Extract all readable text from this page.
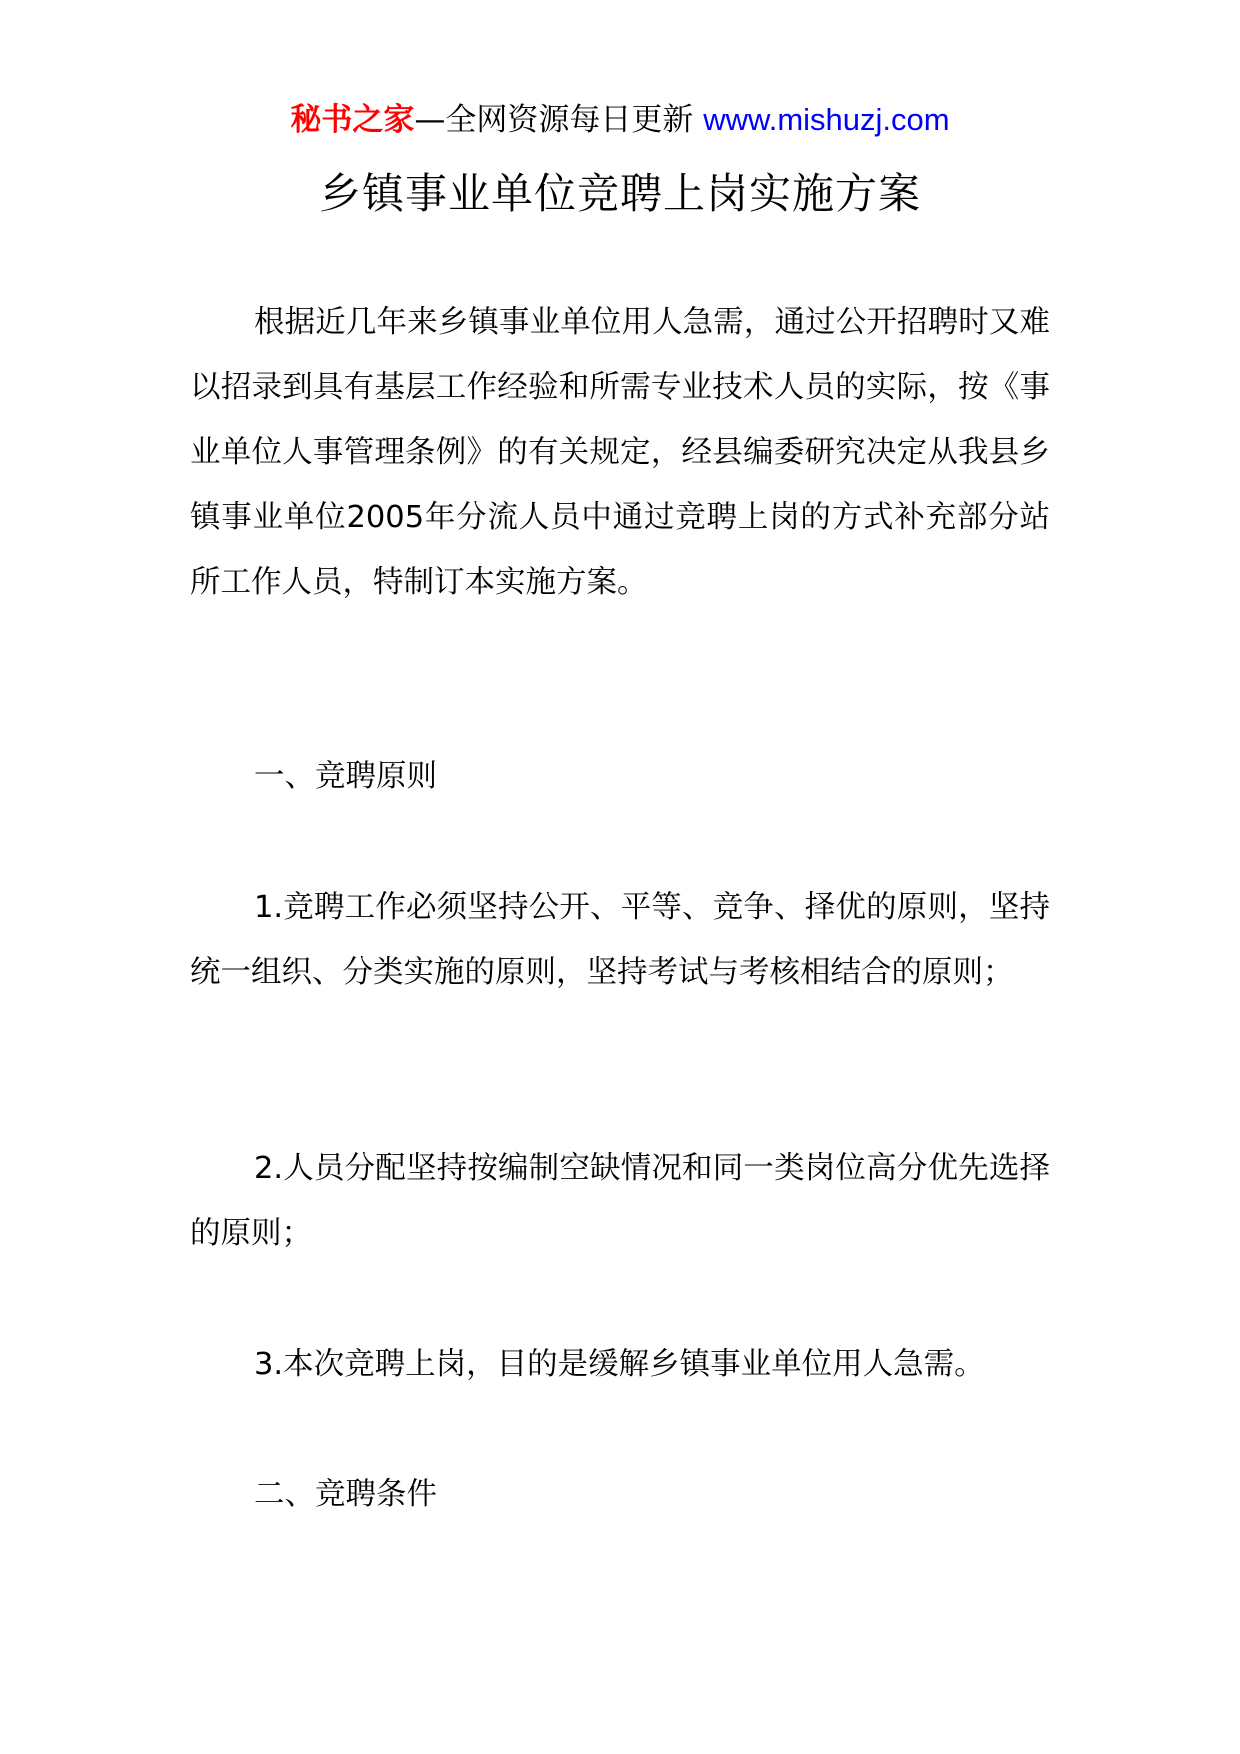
秘书之家—全网资源每日更新 www.mishuzj.com
乡镇事业单位竞聘上岗实施方案
根据近几年来乡镇事业单位用人急需，通过公开招聘时又难以招录到具有基层工作经验和所需专业技术人员的实际，按《事业单位人事管理条例》的有关规定，经县编委研究决定从我县乡镇事业单位2005年分流人员中通过竞聘上岗的方式补充部分站所工作人员，特制订本实施方案。
一、竞聘原则
1.竞聘工作必须坚持公开、平等、竞争、择优的原则，坚持统一组织、分类实施的原则，坚持考试与考核相结合的原则；
2.人员分配坚持按编制空缺情况和同一类岗位高分优先选择的原则；
3.本次竞聘上岗，目的是缓解乡镇事业单位用人急需。
二、竞聘条件
